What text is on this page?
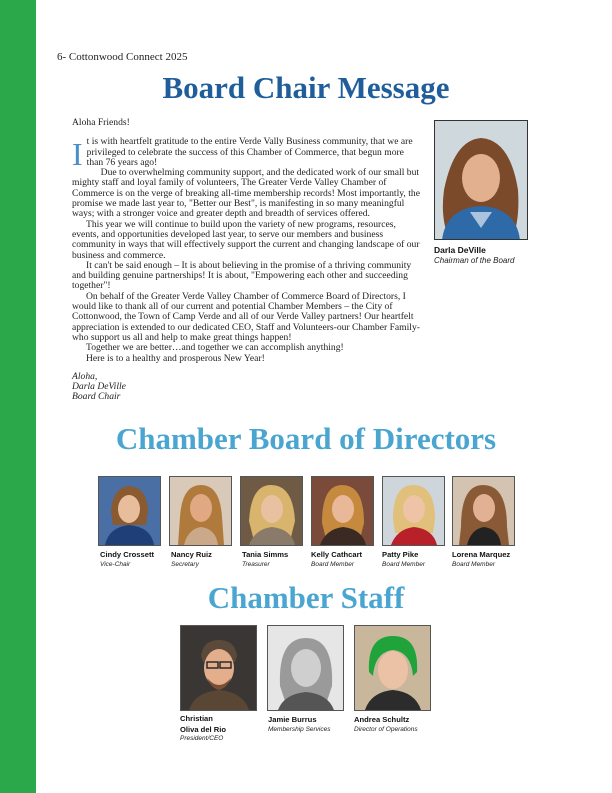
6- Cottonwood Connect 2025
Board Chair Message

Aloha Friends!

It is with heartfelt gratitude to the entire Verde Vally Business community, that we are privileged to celebrate the success of this Chamber of Commerce, that begun more than 76 years ago!

Due to overwhelming community support, and the dedicated work of our small but mighty staff and loyal family of volunteers, The Greater Verde Valley Chamber of Commerce is on the verge of breaking all-time membership records! Most importantly, the promise we made last year to, "Better our Best", is manifesting in so many meaningful ways; with a stronger voice and greater depth and breadth of services offered.

This year we will continue to build upon the variety of new programs, resources, events, and opportunities developed last year, to serve our members and business community in ways that will effectively support the current and changing landscape of our business and commerce.

It can't be said enough – It is about believing in the promise of a thriving community and building genuine partnerships! It is about, "Empowering each other and succeeding together"!

On behalf of the Greater Verde Valley Chamber of Commerce Board of Directors, I would like to thank all of our current and potential Chamber Members – the City of Cottonwood, the Town of Camp Verde and all of our Verde Valley partners! Our heartfelt appreciation is extended to our dedicated CEO, Staff and Volunteers-our Chamber Family-who support us all and help to make great things happen!

Together we are better…and together we can accomplish anything!

Here is to a healthy and prosperous New Year!

Aloha,
Darla DeVille
Board Chair
Darla DeVille
Chairman of the Board
Chamber Board of Directors
Cindy Crossett
Vice-Chair
Nancy Ruiz
Secretary
Tania Simms
Treasurer
Kelly Cathcart
Board Member
Patty Pike
Board Member
Lorena Marquez
Board Member
Chamber Staff
Christian
Oliva del Rio
President/CEO
Jamie Burrus
Membership Services
Andrea Schultz
Director of Operations
